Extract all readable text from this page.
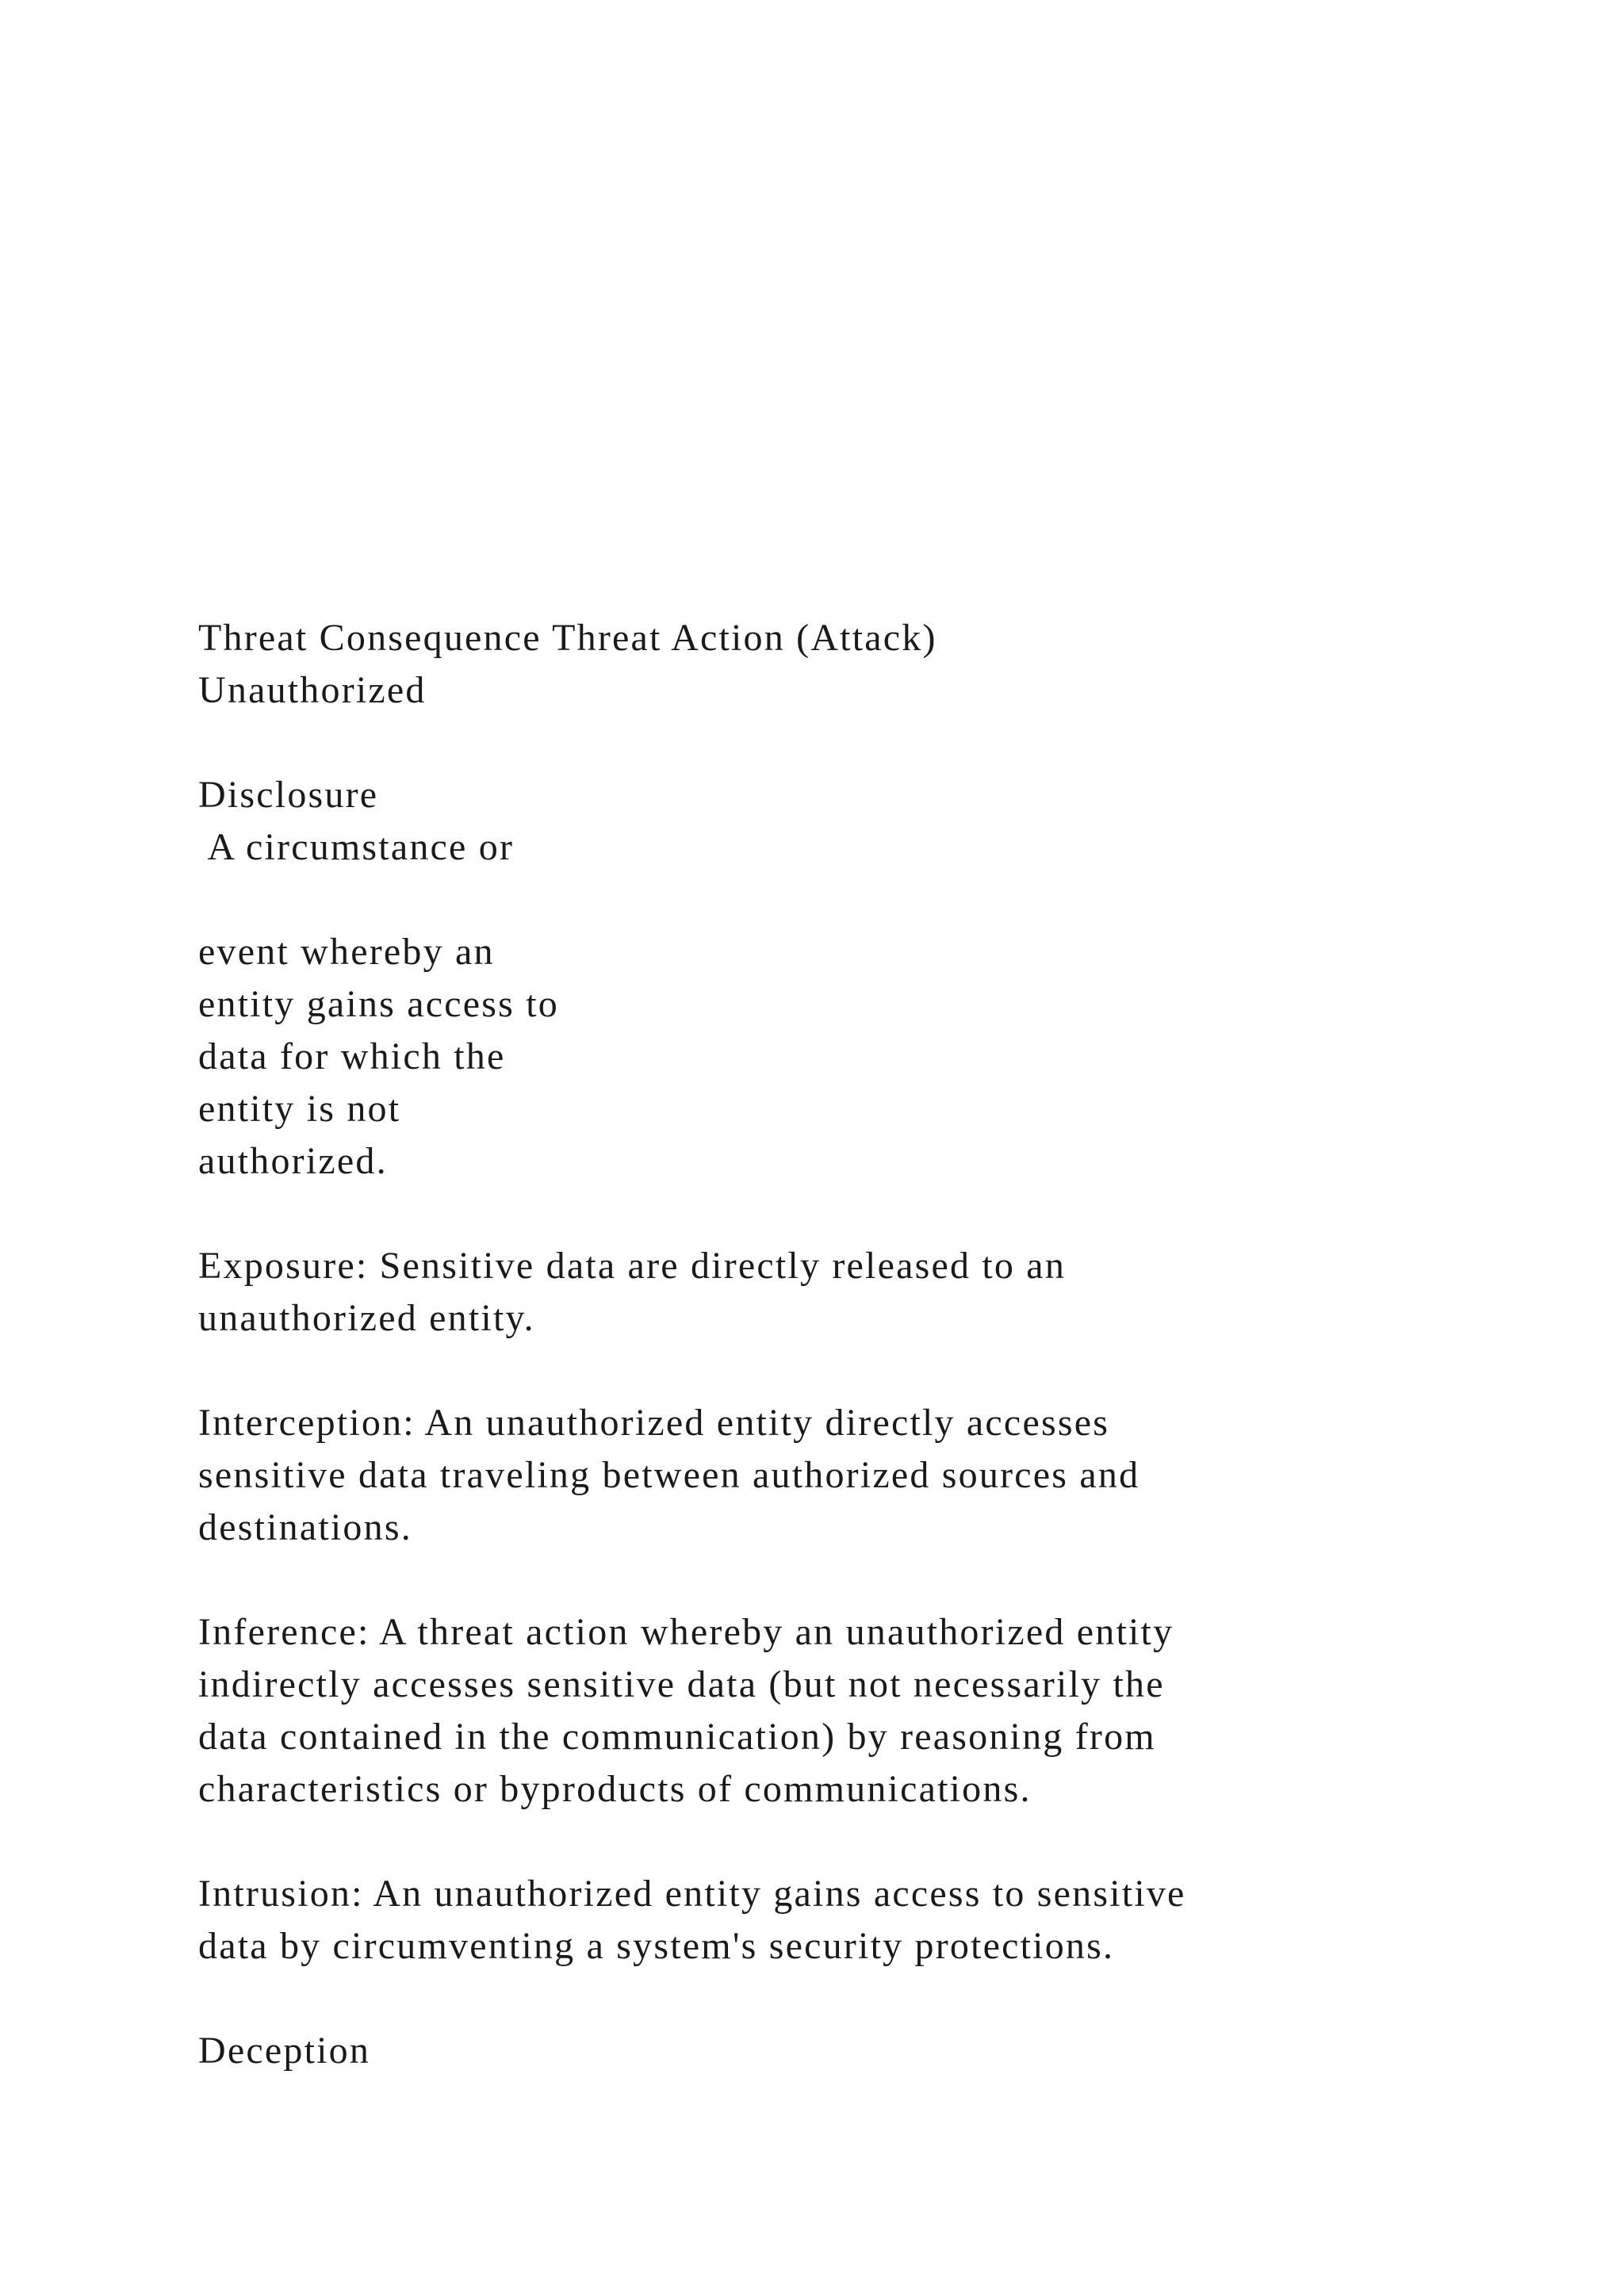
Threat Consequence Threat Action (Attack)
Unauthorized
Disclosure
A circumstance or
event whereby an
entity gains access to
data for which the
entity is not
authorized.
Exposure: Sensitive data are directly released to an
unauthorized entity.
Interception: An unauthorized entity directly accesses
sensitive data traveling between authorized sources and
destinations.
Inference: A threat action whereby an unauthorized entity
indirectly accesses sensitive data (but not necessarily the
data contained in the communication) by reasoning from
characteristics or byproducts of communications.
Intrusion: An unauthorized entity gains access to sensitive
data by circumventing a system's security protections.
Deception
